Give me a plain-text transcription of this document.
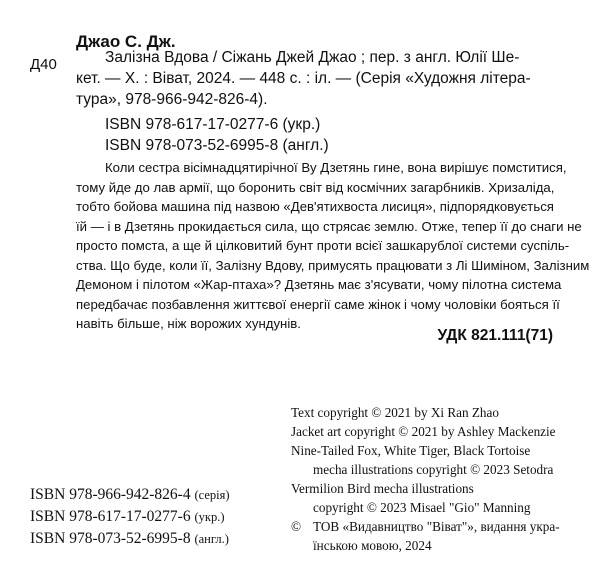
Джао С. Дж.
Д40	Залізна Вдова / Сіжань Джей Джао ; пер. з англ. Юлії Ше-
кет. — Х. : Віват, 2024. — 448 с. : іл. — (Серія «Художня літера-
тура», 978-966-942-826-4).
ISBN 978-617-17-0277-6 (укр.)
ISBN 978-073-52-6995-8 (англ.)
Коли сестра вісімнадцятирічної Ву Дзетянь гине, вона вирішує помститися,
тому йде до лав армії, що боронить світ від космічних загарбників. Хризаліда,
тобто бойова машина під назвою «Дев'ятихвоста лисиця», підпорядковується
їй — і в Дзетянь прокидається сила, що стрясає землю. Отже, тепер її до снаги не
просто помста, а ще й цілковитий бунт проти всієї зашкарублої системи суспіль-
ства. Що буде, коли її, Залізну Вдову, примусять працювати з Лі Шиміном, Залізним
Демоном і пілотом «Жар-птаха»? Дзетянь має з'ясувати, чому пілотна система
передбачає позбавлення життєвої енергії саме жінок і чому чоловіки бояться її
навіть більше, ніж ворожих хундунів.
УДК 821.111(71)
Text copyright © 2021 by Xi Ran Zhao
Jacket art copyright © 2021 by Ashley Mackenzie
Nine-Tailed Fox, White Tiger, Black Tortoise
mecha illustrations copyright © 2023 Setodra
Vermilion Bird mecha illustrations
copyright © 2023 Misael "Gio" Manning
© ТОВ «Видавництво "Віват"», видання укра-
їнською мовою, 2024
ISBN 978-966-942-826-4 (серія)
ISBN 978-617-17-0277-6 (укр.)
ISBN 978-073-52-6995-8 (англ.)
